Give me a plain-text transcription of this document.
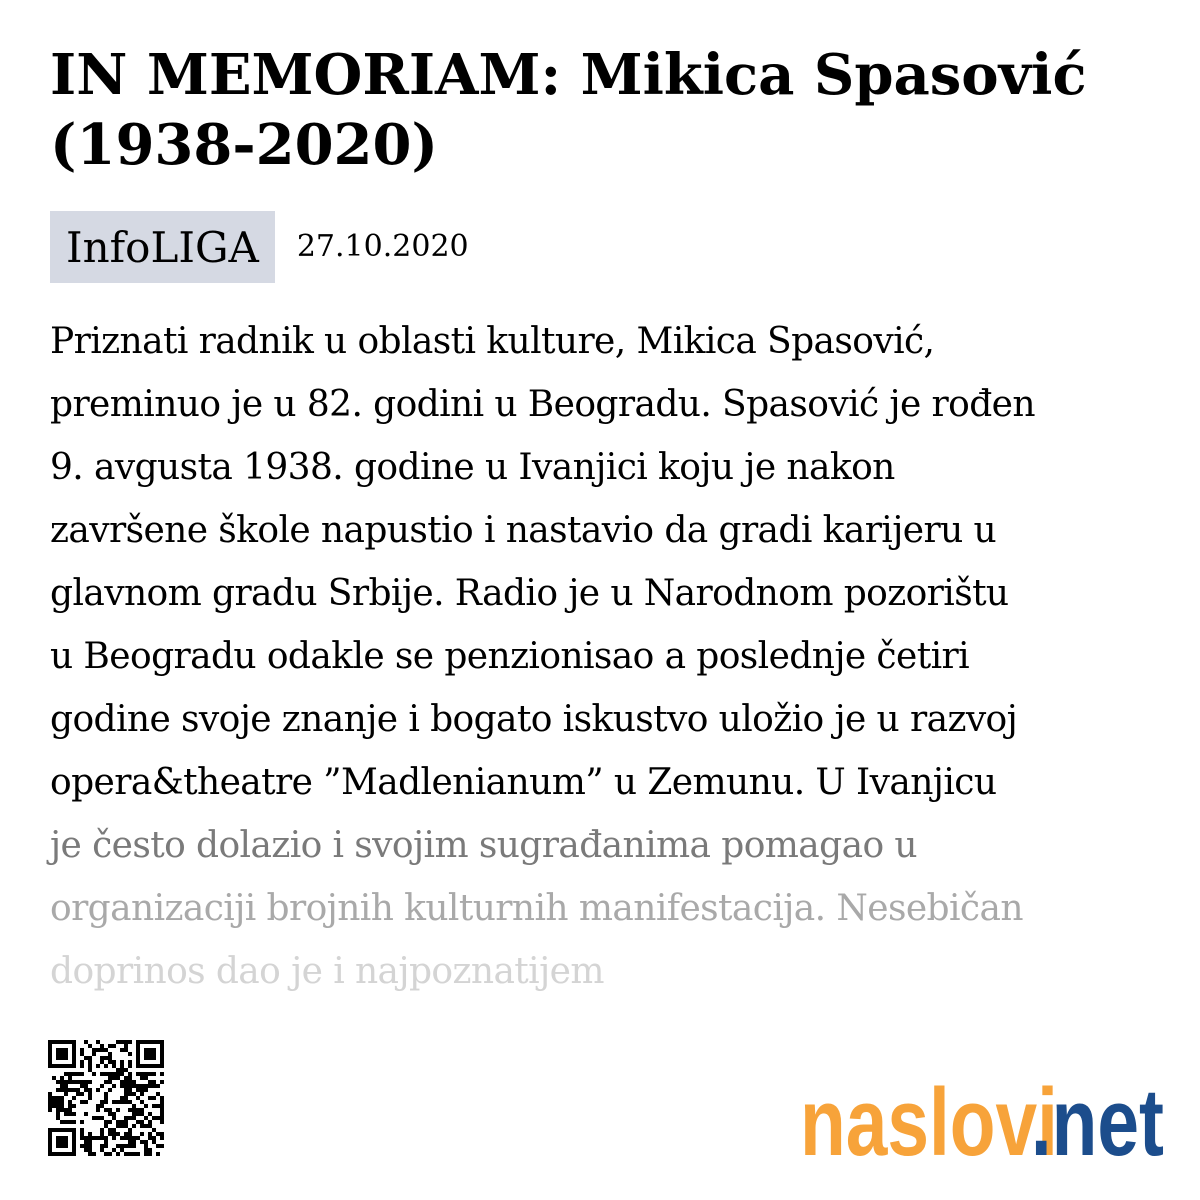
IN MEMORIAM: Mikica Spasović (1938-2020)
InfoLIGA	27.10.2020
Priznati radnik u oblasti kulture, Mikica Spasović,
preminuo je u 82. godini u Beogradu. Spasović je rođen
9. avgusta 1938. godine u Ivanjici koju je nakon
završene škole napustio i nastavio da gradi karijeru u
glavnom gradu Srbije. Radio je u Narodnom pozorištu
u Beogradu odakle se penzionisao a poslednje četiri
godine svoje znanje i bogato iskustvo uložio je u razvoj
opera&theatre ”Madlenianum” u Zemunu. U Ivanjicu
je često dolazio i svojim sugrađanima pomagao u
organizaciji brojnih kulturnih manifestacija. Nesebičan
doprinos dao je i najpoznatijem
naslovi
.net
